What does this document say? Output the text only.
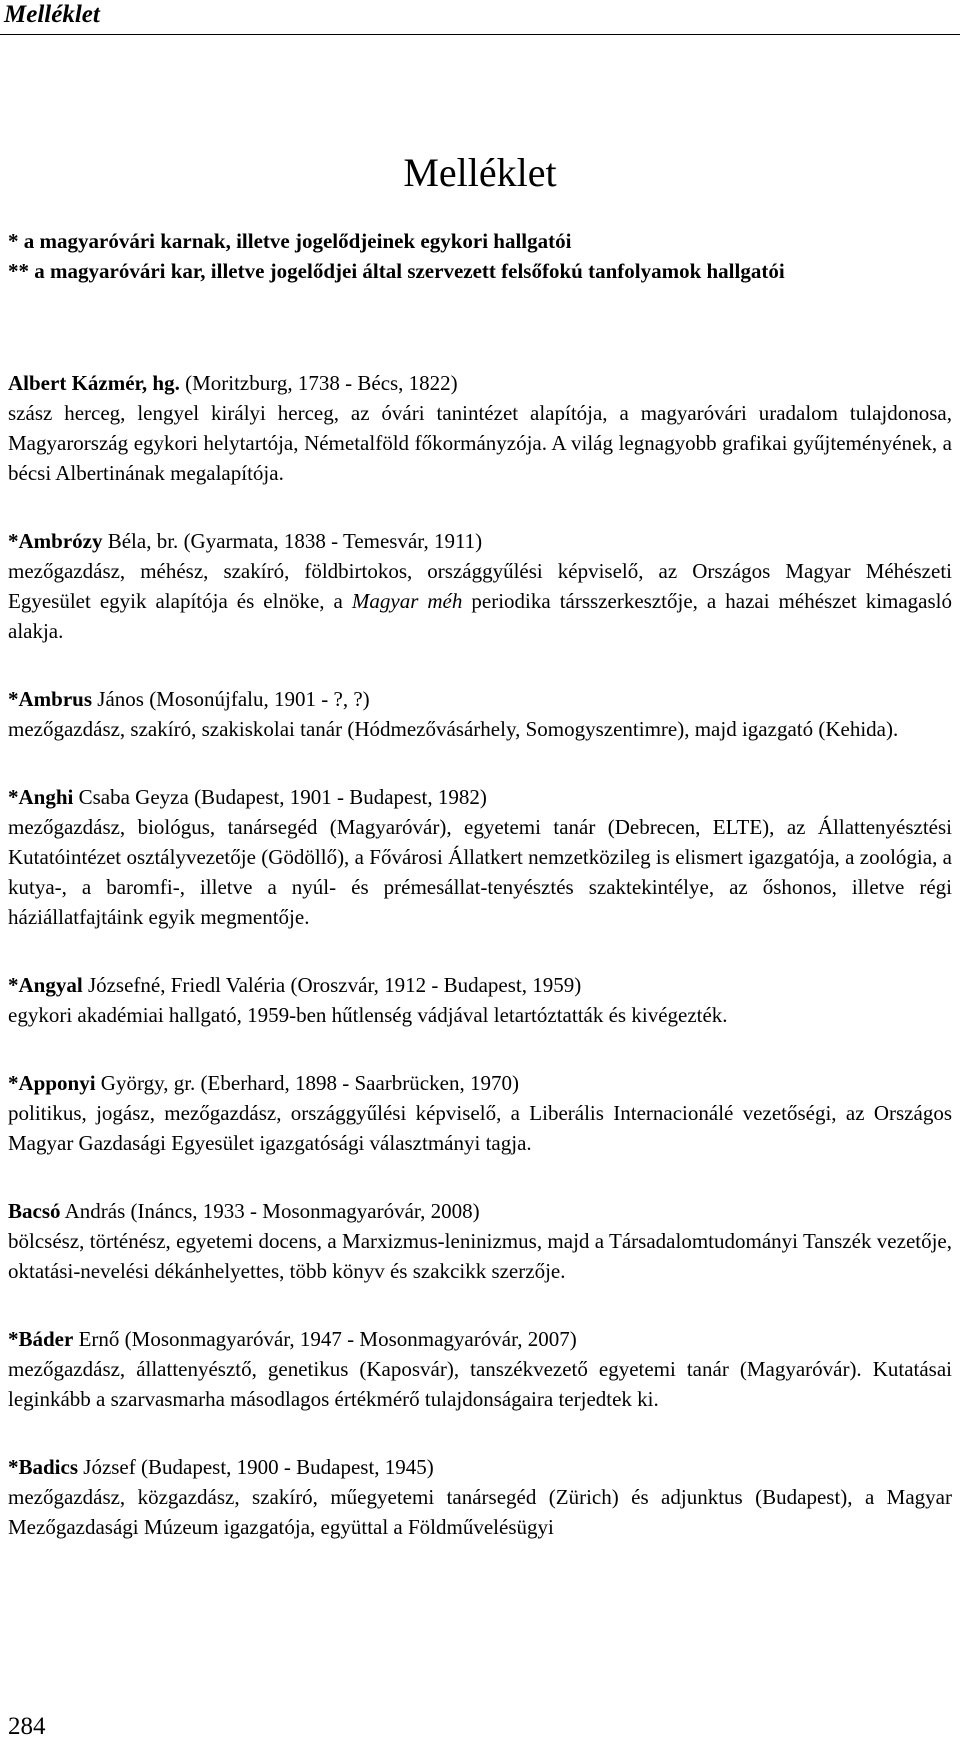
Melléklet
Melléklet

* a magyaróvári karnak, illetve jogelődjeinek egykori hallgatói

** a magyaróvári kar, illetve jogelődjei által szervezett felsőfokú tanfolyamok hallgatói

Albert Kázmér, hg. (Moritzburg, 1738 - Bécs, 1822)
szász herceg, lengyel királyi herceg, az óvári tanintézet alapítója, a magyaróvári uradalom tulajdonosa, Magyarország egykori helytartója, Németalföld főkormányzója. A világ legnagyobb grafikai gyűjteményének, a bécsi Albertinának megalapítója.
*Ambrózy Béla, br. (Gyarmata, 1838 - Temesvár, 1911)
mezőgazdász, méhész, szakíró, földbirtokos, országgyűlési képviselő, az Országos Magyar Méhészeti Egyesület egyik alapítója és elnöke, a Magyar méh periodika társszerkesztője, a hazai méhészet kimagasló alakja.
*Ambrus János (Mosonújfalu, 1901 - ?, ?)
mezőgazdász, szakíró, szakiskolai tanár (Hódmezővásárhely, Somogyszentimre), majd igazgató (Kehida).
*Anghi Csaba Geyza (Budapest, 1901 - Budapest, 1982)
mezőgazdász, biológus, tanársegéd (Magyaróvár), egyetemi tanár (Debrecen, ELTE), az Állattenyésztési Kutatóintézet osztályvezetője (Gödöllő), a Fővárosi Állatkert nemzetközileg is elismert igazgatója, a zoológia, a kutya-, a baromfi-, illetve a nyúl- és prémesállat-tenyésztés szaktekintélye, az őshonos, illetve régi háziállatfajtáink egyik megmentője.
*Angyal Józsefné, Friedl Valéria (Oroszvár, 1912 - Budapest, 1959)
egykori akadémiai hallgató, 1959-ben hűtlenség vádjával letartóztatták és kivégezték.
*Apponyi György, gr. (Eberhard, 1898 - Saarbrücken, 1970)
politikus, jogász, mezőgazdász, országgyűlési képviselő, a Liberális Internacionálé vezetőségi, az Országos Magyar Gazdasági Egyesület igazgatósági választmányi tagja.
Bacsó András (Ináncs, 1933 - Mosonmagyaróvár, 2008)
bölcsész, történész, egyetemi docens, a Marxizmus-leninizmus, majd a Társadalomtudományi Tanszék vezetője, oktatási-nevelési dékánhelyettes, több könyv és szakcikk szerzője.
*Báder Ernő (Mosonmagyaróvár, 1947 - Mosonmagyaróvár, 2007)
mezőgazdász, állattenyésztő, genetikus (Kaposvár), tanszékvezető egyetemi tanár (Magyaróvár). Kutatásai leginkább a szarvasmarha másodlagos értékmérő tulajdonságaira terjedtek ki.
*Badics József (Budapest, 1900 - Budapest, 1945)
mezőgazdász, közgazdász, szakíró, műegyetemi tanársegéd (Zürich) és adjunktus (Budapest), a Magyar Mezőgazdasági Múzeum igazgatója, együttal a Földművelésügyi
284
